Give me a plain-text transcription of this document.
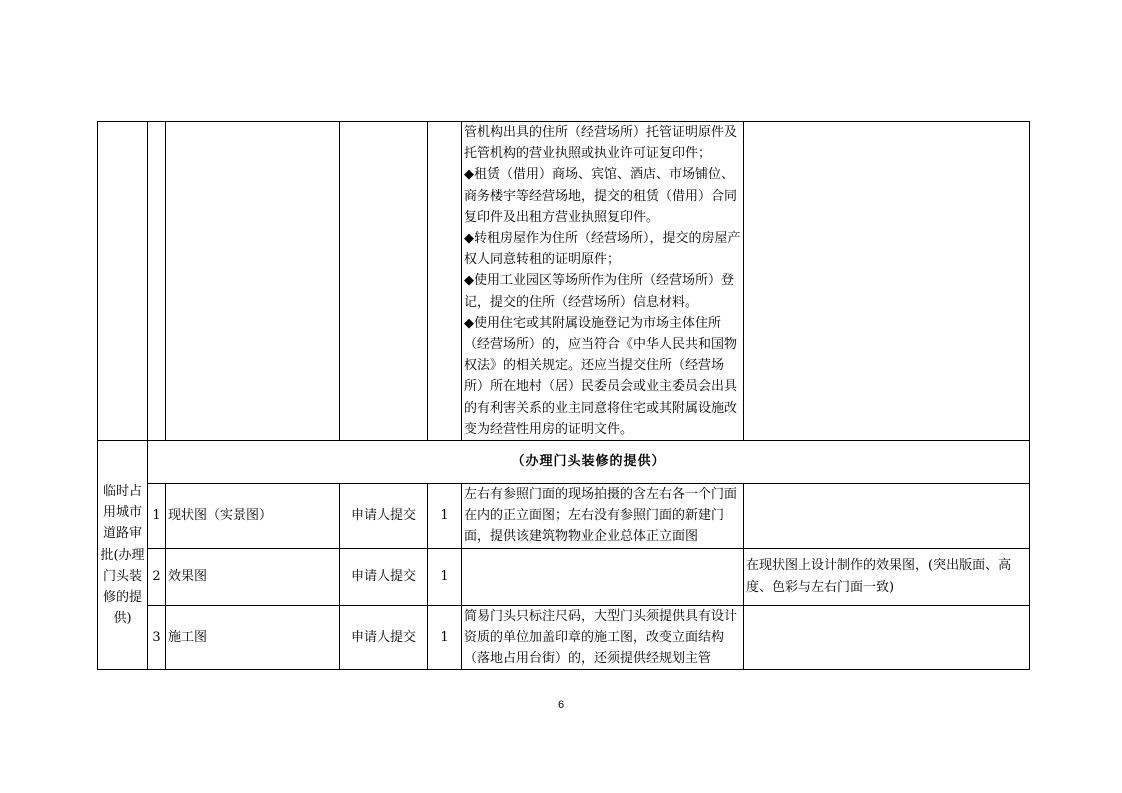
					管机构出具的住所（经营场所）托管证明原件及托管机构的营业执照或执业许可证复印件；
◆租赁（借用）商场、宾馆、酒店、市场铺位、商务楼宇等经营场地，提交的租赁（借用）合同复印件及出租方营业执照复印件。
◆转租房屋作为住所（经营场所），提交的房屋产权人同意转租的证明原件；
◆使用工业园区等场所作为住所（经营场所）登记，提交的住所（经营场所）信息材料。
◆使用住宅或其附属设施登记为市场主体住所（经营场所）的，应当符合《中华人民共和国物权法》的相关规定。还应当提交住所（经营场所）所在地村（居）民委员会或业主委员会出具的有利害关系的业主同意将住宅或其附属设施改变为经营性用房的证明文件。	

临时占用城市道路审批(办理门头装修的提供)	（办理门头装修的提供）					
	1	现状图（实景图）	申请人提交	1	左右有参照门面的现场拍摄的含左右各一个门面在内的正立面图；左右没有参照门面的新建门面，提供该建筑物物业企业总体正立面图	
	2	效果图	申请人提交	1		在现状图上设计制作的效果图，(突出版面、高度、色彩与左右门面一致)
	3	施工图	申请人提交	1	简易门头只标注尺码，大型门头须提供具有设计资质的单位加盖印章的施工图，改变立面结构（落地占用台街）的，还须提供经规划主管	
6
